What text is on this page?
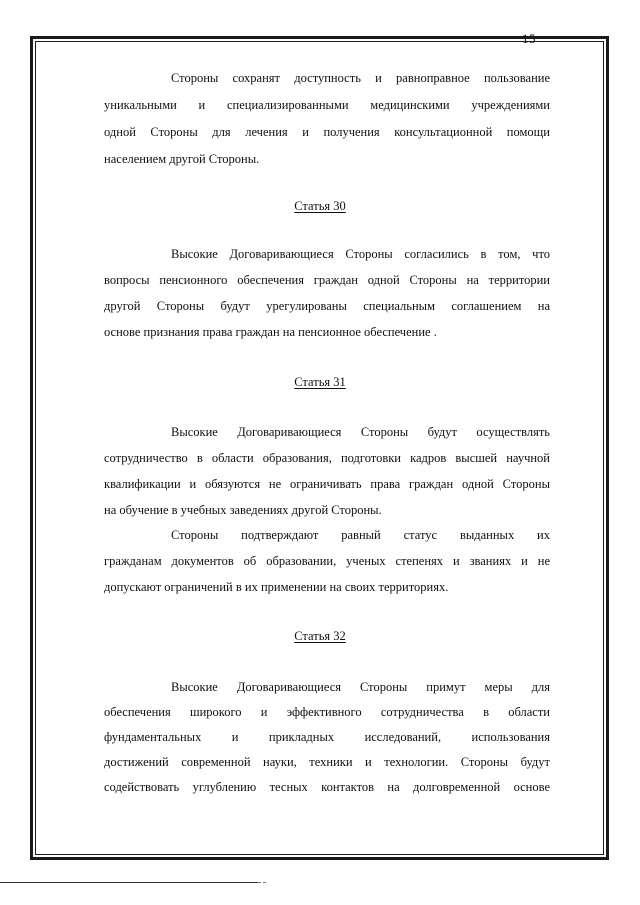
15	·
Стороны сохранят доступность и равноправное пользование
уникальными и специализированными медицинскими учреждениями
одной Стороны для лечения и получения консультационной помощи
населением другой Стороны.
Статья 30
Высокие Договаривающиеся Стороны согласились в том, что
вопросы пенсионного обеспечения граждан одной Стороны на территории
другой Стороны будут урегулированы специальным соглашением на
основе признания права граждан на пенсионное обеспечение .
Статья 31
Высокие Договаривающиеся Стороны будут осуществлять
сотрудничество в области образования, подготовки кадров высшей научной
квалификации и обязуются не ограничивать права граждан одной Стороны
на обучение в учебных заведениях другой Стороны.
Стороны подтверждают равный статус выданных их
гражданам документов об образовании, ученых степенях и званиях и не
допускают ограничений в их применении на своих территориях.
Статья 32
Высокие Договаривающиеся Стороны примут меры для
обеспечения широкого и эффективного сотрудничества в области
фундаментальных и прикладных исследований, использования
достижений современной науки, техники и технологии. Стороны будут
содействовать углублению тесных контактов на долговременной основе
